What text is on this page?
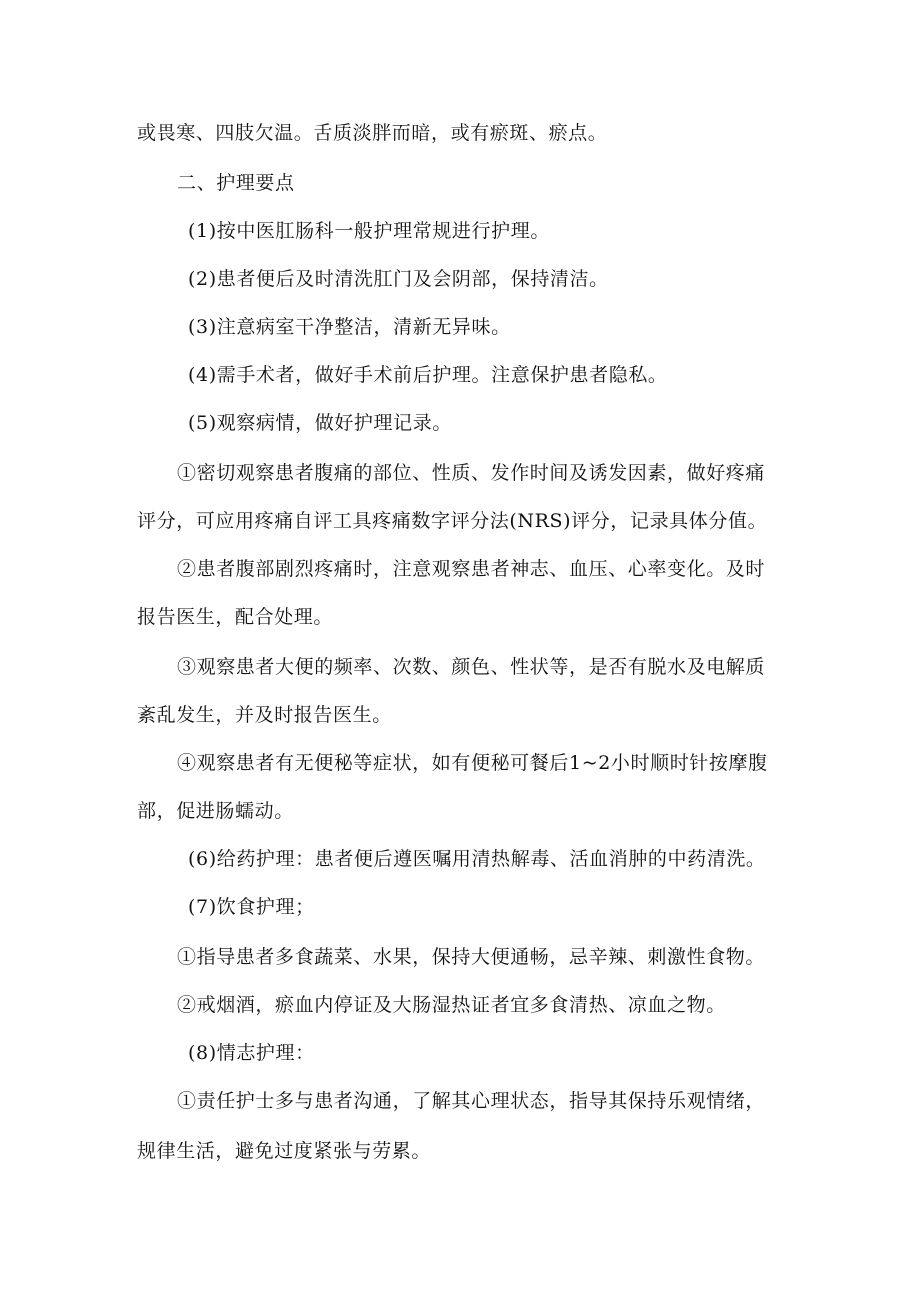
或畏寒、四肢欠温。舌质淡胖而暗，或有瘀斑、瘀点。
二、护理要点
(1)按中医肛肠科一般护理常规进行护理。
(2)患者便后及时清洗肛门及会阴部，保持清洁。
(3)注意病室干净整洁，清新无异味。
(4)需手术者，做好手术前后护理。注意保护患者隐私。
(5)观察病情，做好护理记录。
①密切观察患者腹痛的部位、性质、发作时间及诱发因素，做好疼痛
评分，可应用疼痛自评工具疼痛数字评分法(NRS)评分，记录具体分值。
②患者腹部剧烈疼痛时，注意观察患者神志、血压、心率变化。及时
报告医生，配合处理。
③观察患者大便的频率、次数、颜色、性状等，是否有脱水及电解质
紊乱发生，并及时报告医生。
④观察患者有无便秘等症状，如有便秘可餐后1~2小时顺时针按摩腹
部，促进肠蠕动。
(6)给药护理：患者便后遵医嘱用清热解毒、活血消肿的中药清洗。
(7)饮食护理；
①指导患者多食蔬菜、水果，保持大便通畅，忌辛辣、刺激性食物。
②戒烟酒，瘀血内停证及大肠湿热证者宜多食清热、凉血之物。
(8)情志护理：
①责任护士多与患者沟通，了解其心理状态，指导其保持乐观情绪，
规律生活，避免过度紧张与劳累。
